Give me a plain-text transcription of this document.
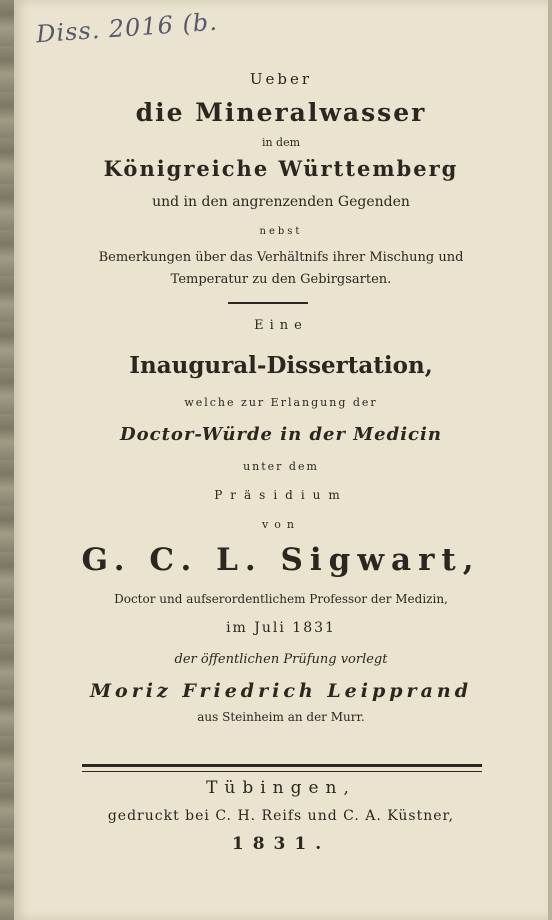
Diss. 2016 (b.
Ueber
die Mineralwasser
in dem
Königreiche Württemberg
und in den angrenzenden Gegenden
nebst
Bemerkungen über das Verhältnifs ihrer Mischung und
Temperatur zu den Gebirgsarten.
Eine
Inaugural-Dissertation,
welche zur Erlangung der
Doctor-Würde in der Medicin
unter dem
Präsidium
von
G. C. L. Sigwart,
Doctor und aufserordentlichem Professor der Medizin,
im Juli 1831
der öffentlichen Prüfung vorlegt
Moriz Friedrich Leipprand
aus Steinheim an der Murr.
Tübingen,
gedruckt bei C. H. Reifs und C. A. Küstner,
1831.
